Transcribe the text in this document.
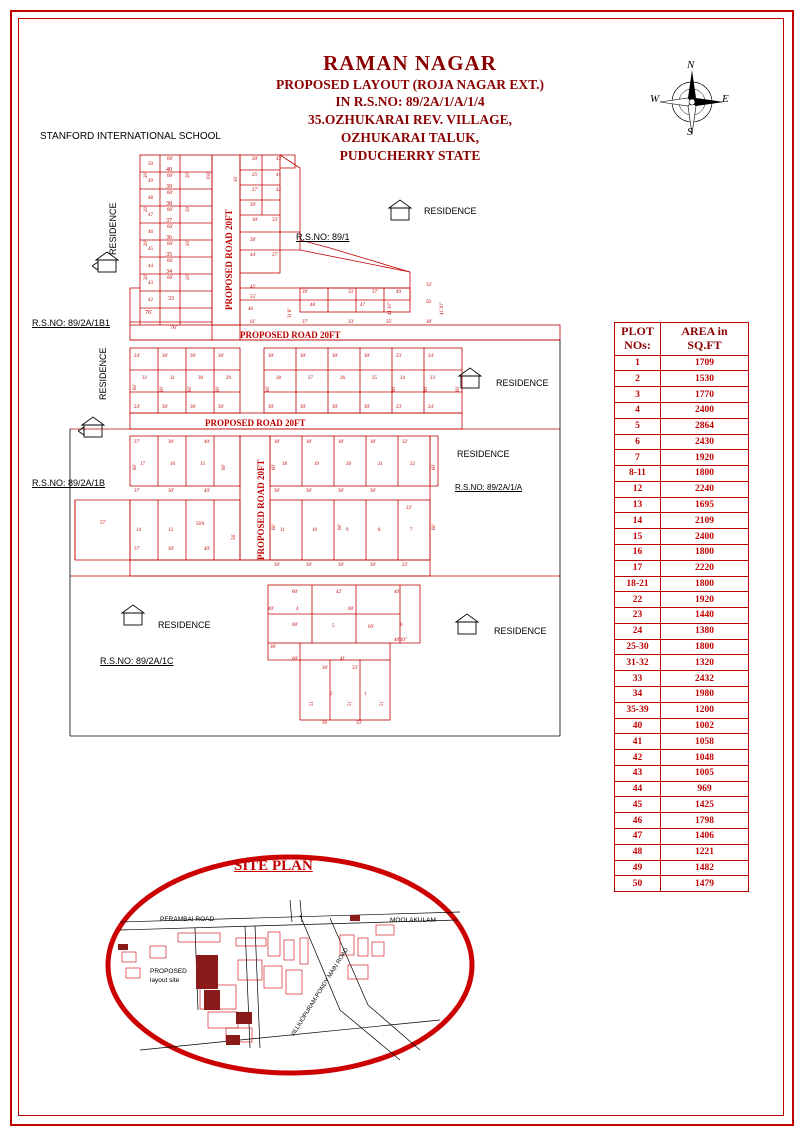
RAMAN NAGAR
PROPOSED LAYOUT (ROJA NAGAR EXT.)
IN R.S.NO: 89/2A/1/A/1/4
35.OZHUKARAI REV. VILLAGE,
OZHUKARAI TALUK,
PUDUCHERRY STATE
N
S
E
W
STANFORD INTERNATIONAL SCHOOL
RESIDENCE
RESIDENCE
RESIDENCE
RESIDENCE
RESIDENCE
RESIDENCE
RESIDENCE
PROPOSED ROAD 20FT
PROPOSED ROAD 20FT
PROPOSED ROAD 20FT
PROPOSED ROAD 20FT
R.S.NO: 89/1
R.S.NO: 89/2A/1B1
R.S.NO: 89/2A/1B	R.S.NO: 89/2A/1/A
R.S.NO: 89/2A/1C
50
49
48
47
46
45
44
43
42
40
39
38
37
36
35
34
33
76'
76'
60'
60'
60'
60'
60'
60'
60'
60'
20'
20'
20'
20'
20'
20'
20'
20'
192'	20'
20'	43
25'	41
27'	42
39'
30'	33'
28'
44'	27'
45'
55'
46
61'
31'6"
39'	33'
37'	33'
48	47
37'
35'
49
32'
30'
50
41'10"	41'10"
24'	30'	30'	30'
24'	30'	30'	30'
60'
32	31	30	29
60'	60'	60'
30'	30'	30'	30'	23'	24'
30'	30'	30'	30'	23'	24'
28	27	26	25	24	23
60'	60'	60'	60'
37'	30'	40'
37'	30'	40'
17	16	15
60'	60'
57'
14	13
56'6
56'
37'	30'	40'
30'	30'	30'	30'	32'
18	19	20	21	22
60'	60'
30'	30'	30'	30'
22'
60'	60'	60'
11	10	9	8	7
30'	30'	30'	30'	22'
60'	42'	40'
40'	4	60'
60'	5	69'	6
30'
60'
40'10''
30'	33'
41'
51'	51'	51'
2	1
30	33'
SITE PLAN
PERAMBAI ROAD	MOOLAKULAM
VILLIUOPURAM-PONDY MAIN ROAD
PROPOSED
layout site
PLOT
NOs:	AREA in
SQ.FT
1	1709
2	1530
3	1770
4	2400
5	2864
6	2430
7	1920
8-11	1800
12	2240
13	1695
14	2109
15	2400
16	1800
17	2220
18-21	1800
22	1920
23	1440
24	1380
25-30	1800
31-32	1320
33	2432
34	1980
35-39	1200
40	1002
41	1058
42	1048
43	1005
44	969
45	1425
46	1798
47	1406
48	1221
49	1482
50	1479
